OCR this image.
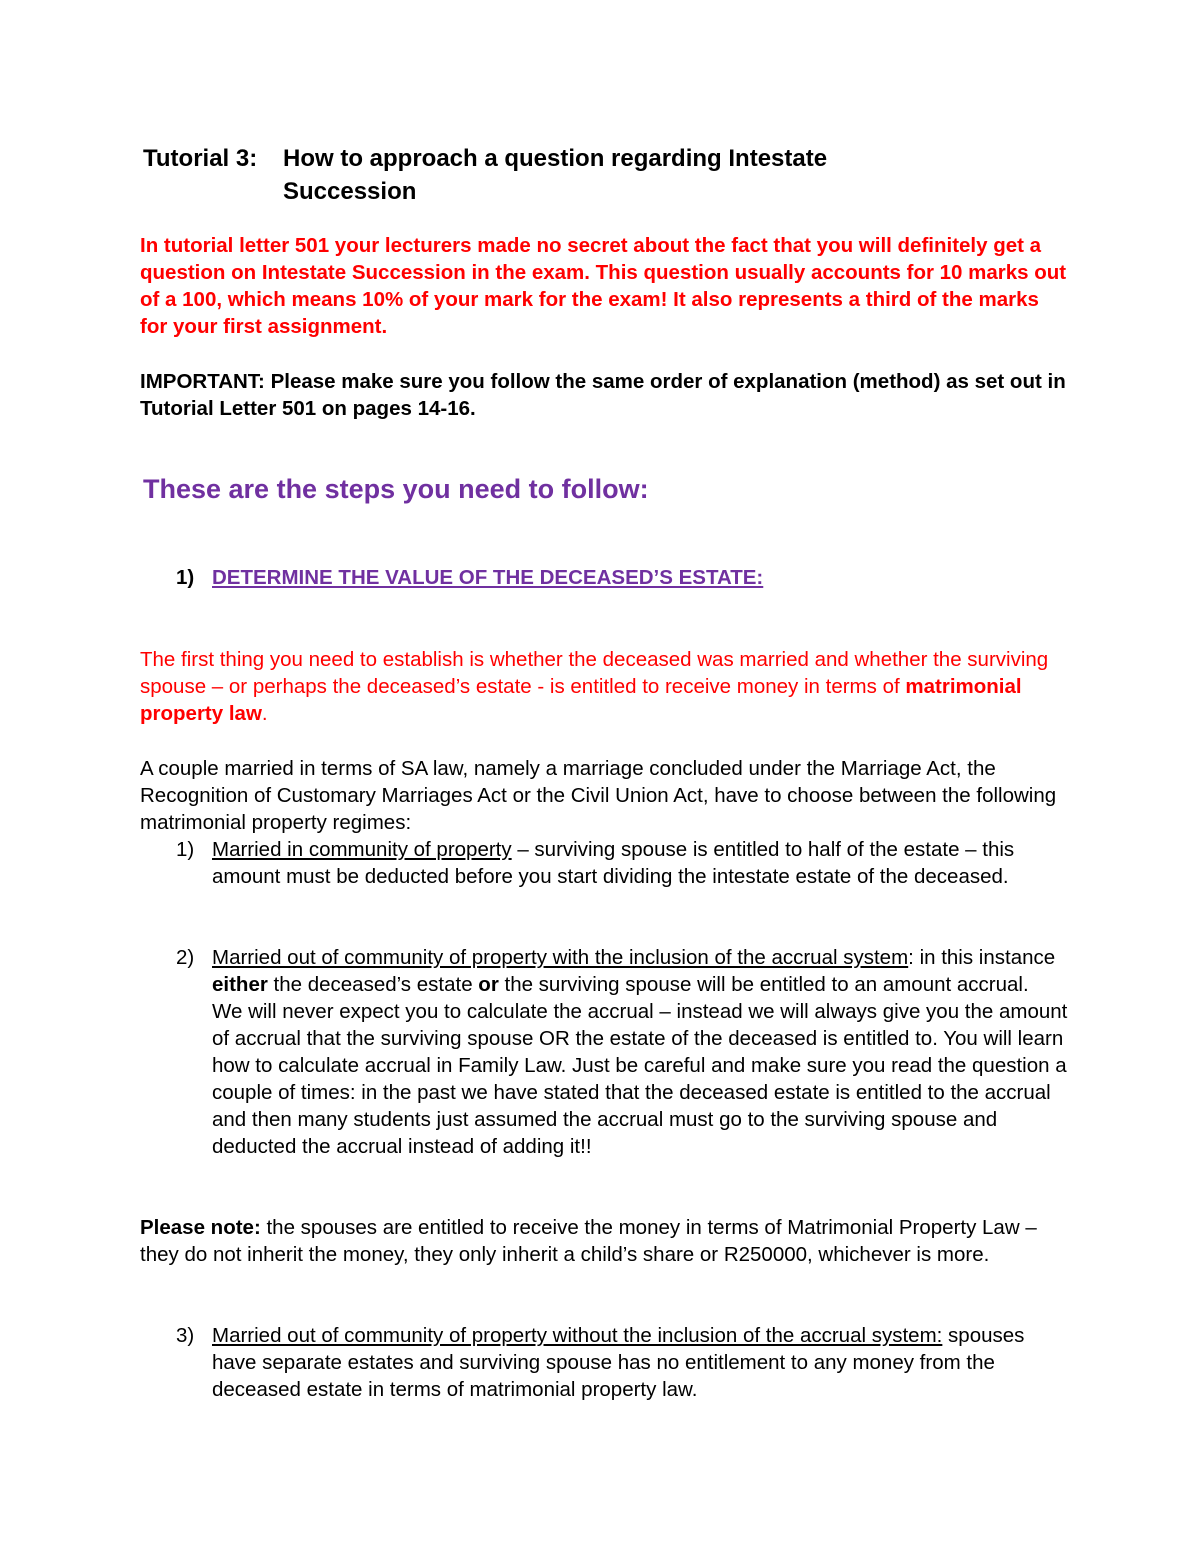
Tutorial 3: How to approach a question regarding Intestate
Succession

In tutorial letter 501 your lecturers made no secret about the fact that you will definitely get a question on Intestate Succession in the exam. This question usually accounts for 10 marks out of a 100, which means 10% of your mark for the exam! It also represents a third of the marks for your first assignment.

IMPORTANT: Please make sure you follow the same order of explanation (method) as set out in Tutorial Letter 501 on pages 14-16.

These are the steps you need to follow:

1) DETERMINE THE VALUE OF THE DECEASED’S ESTATE:

The first thing you need to establish is whether the deceased was married and whether the surviving spouse – or perhaps the deceased’s estate - is entitled to receive money in terms of matrimonial property law.

A couple married in terms of SA law, namely a marriage concluded under the Marriage Act, the Recognition of Customary Marriages Act or the Civil Union Act, have to choose between the following matrimonial property regimes:

1) Married in community of property – surviving spouse is entitled to half of the estate – this amount must be deducted before you start dividing the intestate estate of the deceased.
2) Married out of community of property with the inclusion of the accrual system: in this instance either the deceased’s estate or the surviving spouse will be entitled to an amount accrual.
We will never expect you to calculate the accrual – instead we will always give you the amount of accrual that the surviving spouse OR the estate of the deceased is entitled to. You will learn how to calculate accrual in Family Law. Just be careful and make sure you read the question a couple of times: in the past we have stated that the deceased estate is entitled to the accrual and then many students just assumed the accrual must go to the surviving spouse and deducted the accrual instead of adding it!!

Please note: the spouses are entitled to receive the money in terms of Matrimonial Property Law – they do not inherit the money, they only inherit a child’s share or R250000, whichever is more.

3) Married out of community of property without the inclusion of the accrual system: spouses have separate estates and surviving spouse has no entitlement to any money from the deceased estate in terms of matrimonial property law.
